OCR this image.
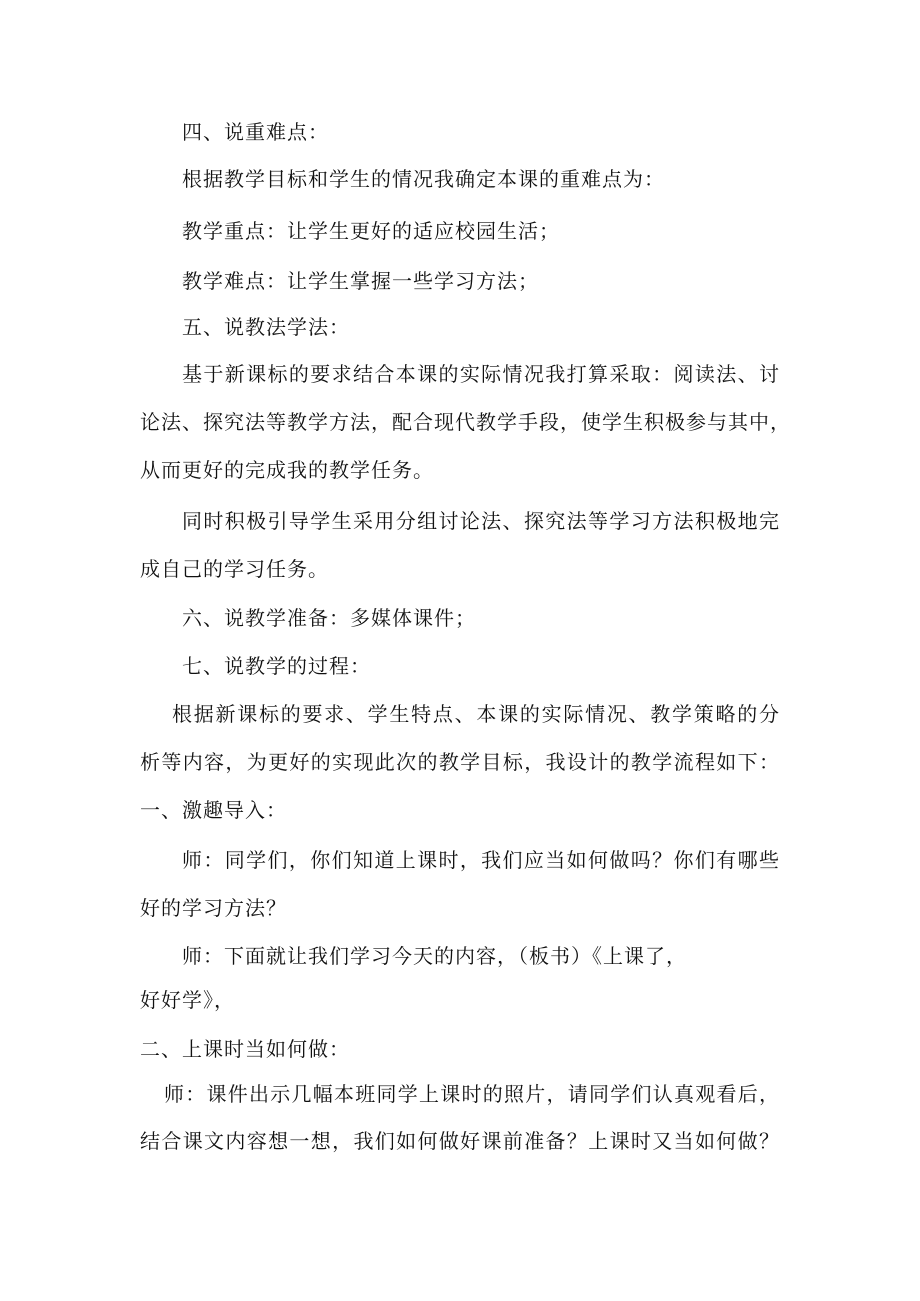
四、说重难点：
根据教学目标和学生的情况我确定本课的重难点为：
教学重点：让学生更好的适应校园生活；
教学难点：让学生掌握一些学习方法；
五、说教法学法：
基于新课标的要求结合本课的实际情况我打算采取：阅读法、讨
论法、探究法等教学方法，配合现代教学手段，使学生积极参与其中，
从而更好的完成我的教学任务。
同时积极引导学生采用分组讨论法、探究法等学习方法积极地完
成自己的学习任务。
六、说教学准备：多媒体课件；
七、说教学的过程：
根据新课标的要求、学生特点、本课的实际情况、教学策略的分
析等内容，为更好的实现此次的教学目标，我设计的教学流程如下：
一、激趣导入：
师：同学们，你们知道上课时，我们应当如何做吗？你们有哪些
好的学习方法？
师：下面就让我们学习今天的内容，（板书）《上课了，
好好学》，
二、上课时当如何做：
师：课件出示几幅本班同学上课时的照片，请同学们认真观看后，
结合课文内容想一想，我们如何做好课前准备？上课时又当如何做？
